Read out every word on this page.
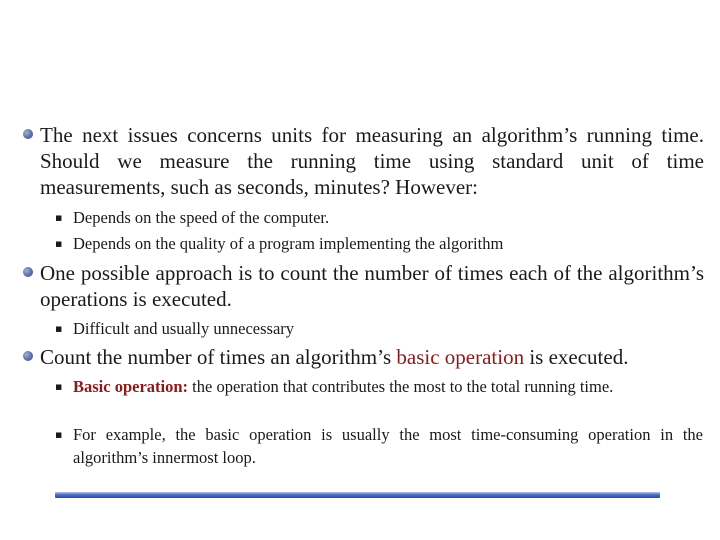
The next issues concerns units for measuring an algorithm’s running time. Should we measure the running time using standard unit of time measurements, such as seconds, minutes? However:
▪ Depends on the speed of the computer.
▪ Depends on the quality of a program implementing the algorithm
One possible approach is to count the number of times each of the algorithm’s operations is executed.
▪ Difficult and usually unnecessary
Count the number of times an algorithm’s basic operation is executed.
▪ Basic operation: the operation that contributes the most to the total running time.
▪ For example, the basic operation is usually the most time-consuming operation in the algorithm’s innermost loop.
